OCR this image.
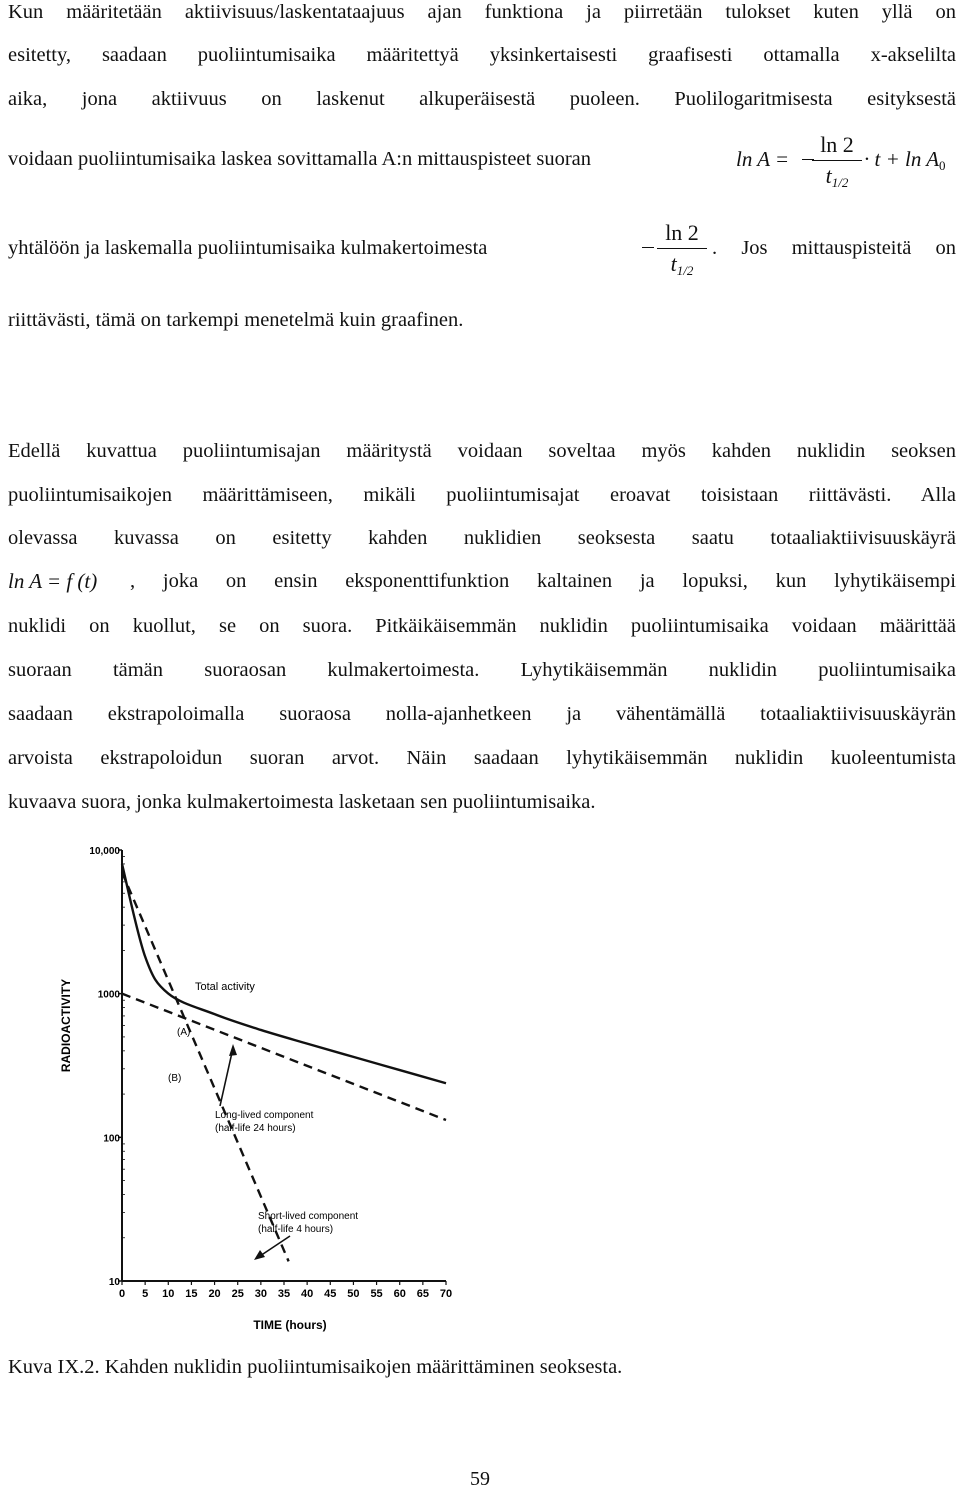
Kun määritetään aktiivisuus/laskentataajuus ajan funktiona ja piirretään tulokset kuten yllä on
esitetty, saadaan puoliintumisaika määritettyä yksinkertaisesti graafisesti ottamalla x-akselilta
aika, jona aktiivuus on laskenut alkuperäisestä puoleen. Puolilogaritmisesta esityksestä
voidaan puoliintumisaika laskea sovittamalla A:n mittauspisteet suoran	ln A =
ln 2
$t_{1/2}$
· $t + \ln A_0$
yhtälöön ja laskemalla puoliintumisaika kulmakertoimesta
ln 2
$t_{1/2}$
. Jos mittauspisteitä on
riittävästi, tämä on tarkempi menetelmä kuin graafinen.
Edellä kuvattua puoliintumisajan määritystä voidaan soveltaa myös kahden nuklidin seoksen
puoliintumisaikojen määrittämiseen, mikäli puoliintumisajat eroavat toisistaan riittävästi. Alla
olevassa kuvassa on esitetty kahden nuklidien seoksesta saatu totaaliaktiivisuuskäyrä
ln A = f (t) , joka on ensin eksponenttifunktion kaltainen ja lopuksi, kun lyhytikäisempi
nuklidi on kuollut, se on suora. Pitkäikäisemmän nuklidin puoliintumisaika voidaan määrittää
suoraan tämän suoraosan kulmakertoimesta. Lyhytikäisemmän nuklidin puoliintumisaika
saadaan ekstrapoloimalla suoraosa nolla-ajanhetkeen ja vähentämällä totaaliaktiivisuuskäyrän
arvoista ekstrapoloidun suoran arvot. Näin saadaan lyhytikäisemmän nuklidin kuoleentumista
kuvaava suora, jonka kulmakertoimesta lasketaan sen puoliintumisaika.
10,000
1000
100
10
0 5 10 15 20 25 30 35 40 45 50 55 60 65 70
TIME (hours)
RADIOACTIVITY	Total activity
(A)
(B)
Long-lived component
(half-life 24 hours)
Short-lived component
(half-life 4 hours)
Kuva IX.2. Kahden nuklidin puoliintumisaikojen määrittäminen seoksesta.
59
